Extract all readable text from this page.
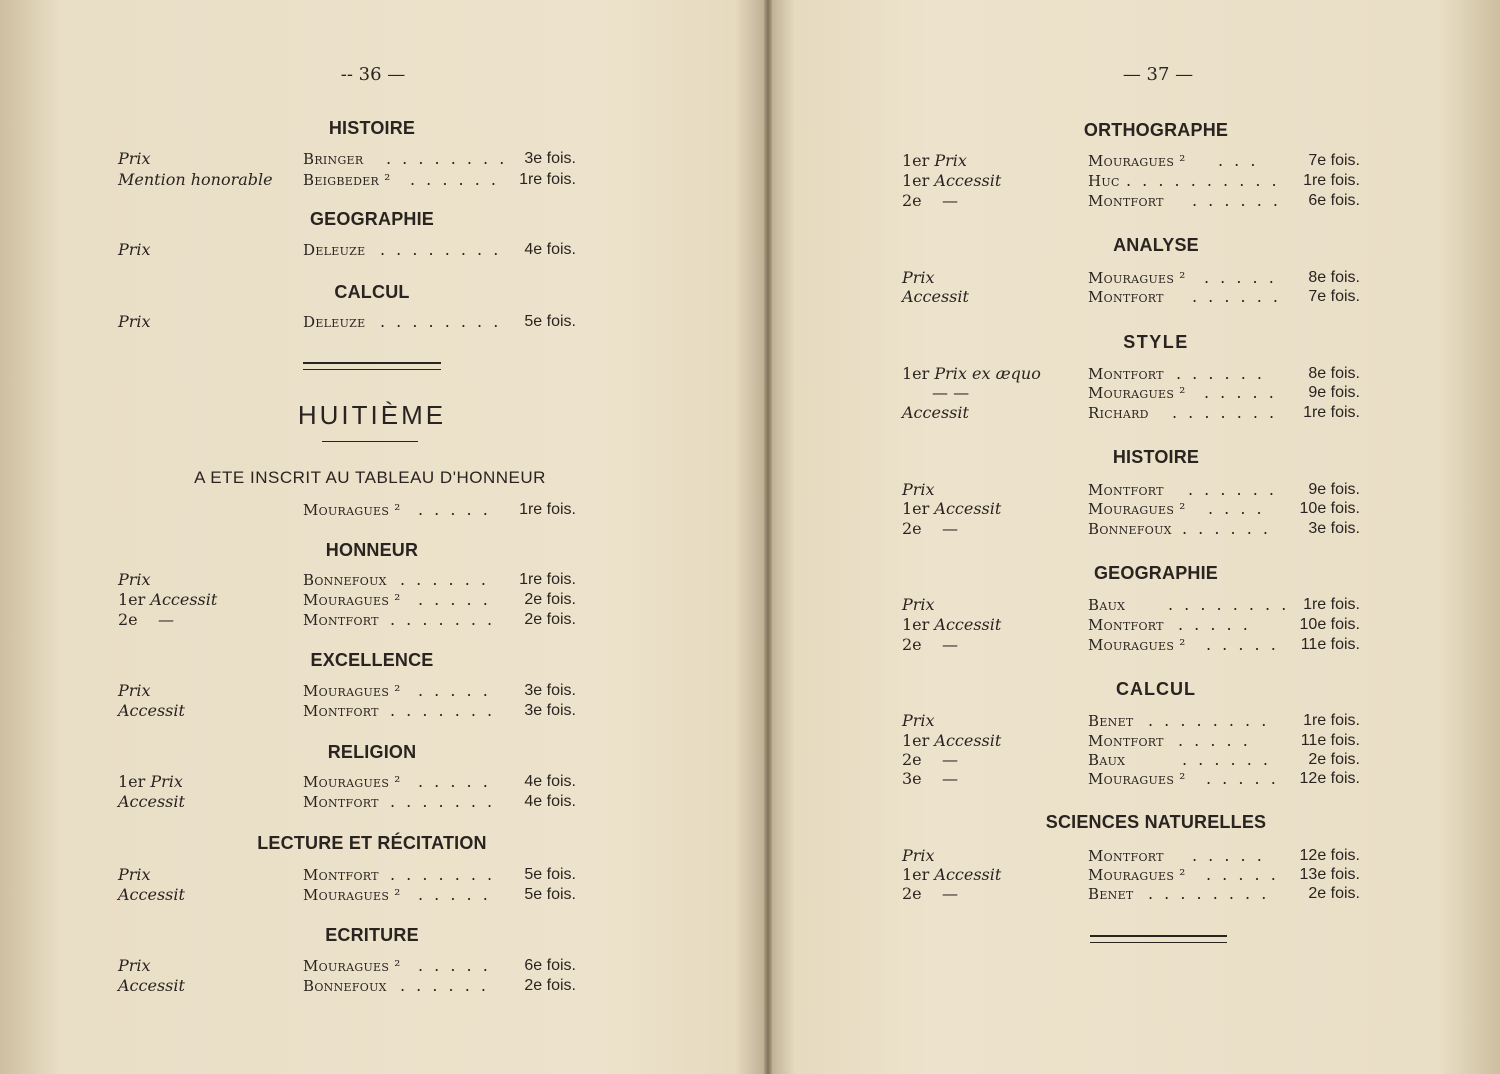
-- 36 —
HISTOIRE
Prix	Bringer . . . . . . . .	3e fois.
Mention honorable Beigbeder ² . . . . . .	1re fois.
GEOGRAPHIE
Prix	Deleuze . . . . . . . .	4e fois.
CALCUL
Prix	Deleuze . . . . . . . .	5e fois.
HUITIÈME
A ETE INSCRIT AU TABLEAU D'HONNEUR
Mouragues ² . . . . .	1re fois.
HONNEUR
Prix	Bonnefoux . . . . . .	1re fois.
1er Accessit	Mouragues ² . . . . .	2e fois.
2e —	Montfort . . . . . . .	2e fois.
EXCELLENCE
Prix	Mouragues ² . . . . .	3e fois.
Accessit	Montfort . . . . . . .	3e fois.
RELIGION
1er Prix	Mouragues ² . . . . .	4e fois.
Accessit	Montfort . . . . . . .	4e fois.
LECTURE ET RÉCITATION
Prix	Montfort . . . . . . .	5e fois.
Accessit	Mouragues ² . . . . .	5e fois.
ECRITURE
Prix	Mouragues ² . . . . .	6e fois.
Accessit	Bonnefoux . . . . . .	2e fois.
— 37 —
ORTHOGRAPHE
1er Prix	Mouragues ² . . .	7e fois.
1er Accessit	Huc . . . . . . . . . .	1re fois.
2e —	Montfort . . . . . .	6e fois.
ANALYSE
Prix	Mouragues ² . . . . .	8e fois.
Accessit	Montfort . . . . . .	7e fois.
STYLE
1er Prix ex æquo	Montfort . . . . . .	8e fois.
— —	Mouragues ² . . . . .	9e fois.
Accessit	Richard . . . . . . .	1re fois.
HISTOIRE
Prix	Montfort . . . . . .	9e fois.
1er Accessit	Mouragues ² . . . .	10e fois.
2e —	Bonnefoux . . . . . .	3e fois.
GEOGRAPHIE
Prix	Baux	. . . . . . . . 1re fois.
1er Accessit	Montfort . . . . .	10e fois.
2e —	Mouragues ² . . . . .	11e fois.
CALCUL
Prix	Benet . . . . . . . .	1re fois.
1er Accessit	Montfort . . . . .	11e fois.
2e —	Baux	. . . . . .	2e fois.
3e —	Mouragues ² . . . . .	12e fois.
SCIENCES NATURELLES
Prix	Montfort . . . . .	12e fois.
1er Accessit	Mouragues ² . . . . .	13e fois.
2e —	Benet . . . . . . . .	2e fois.
